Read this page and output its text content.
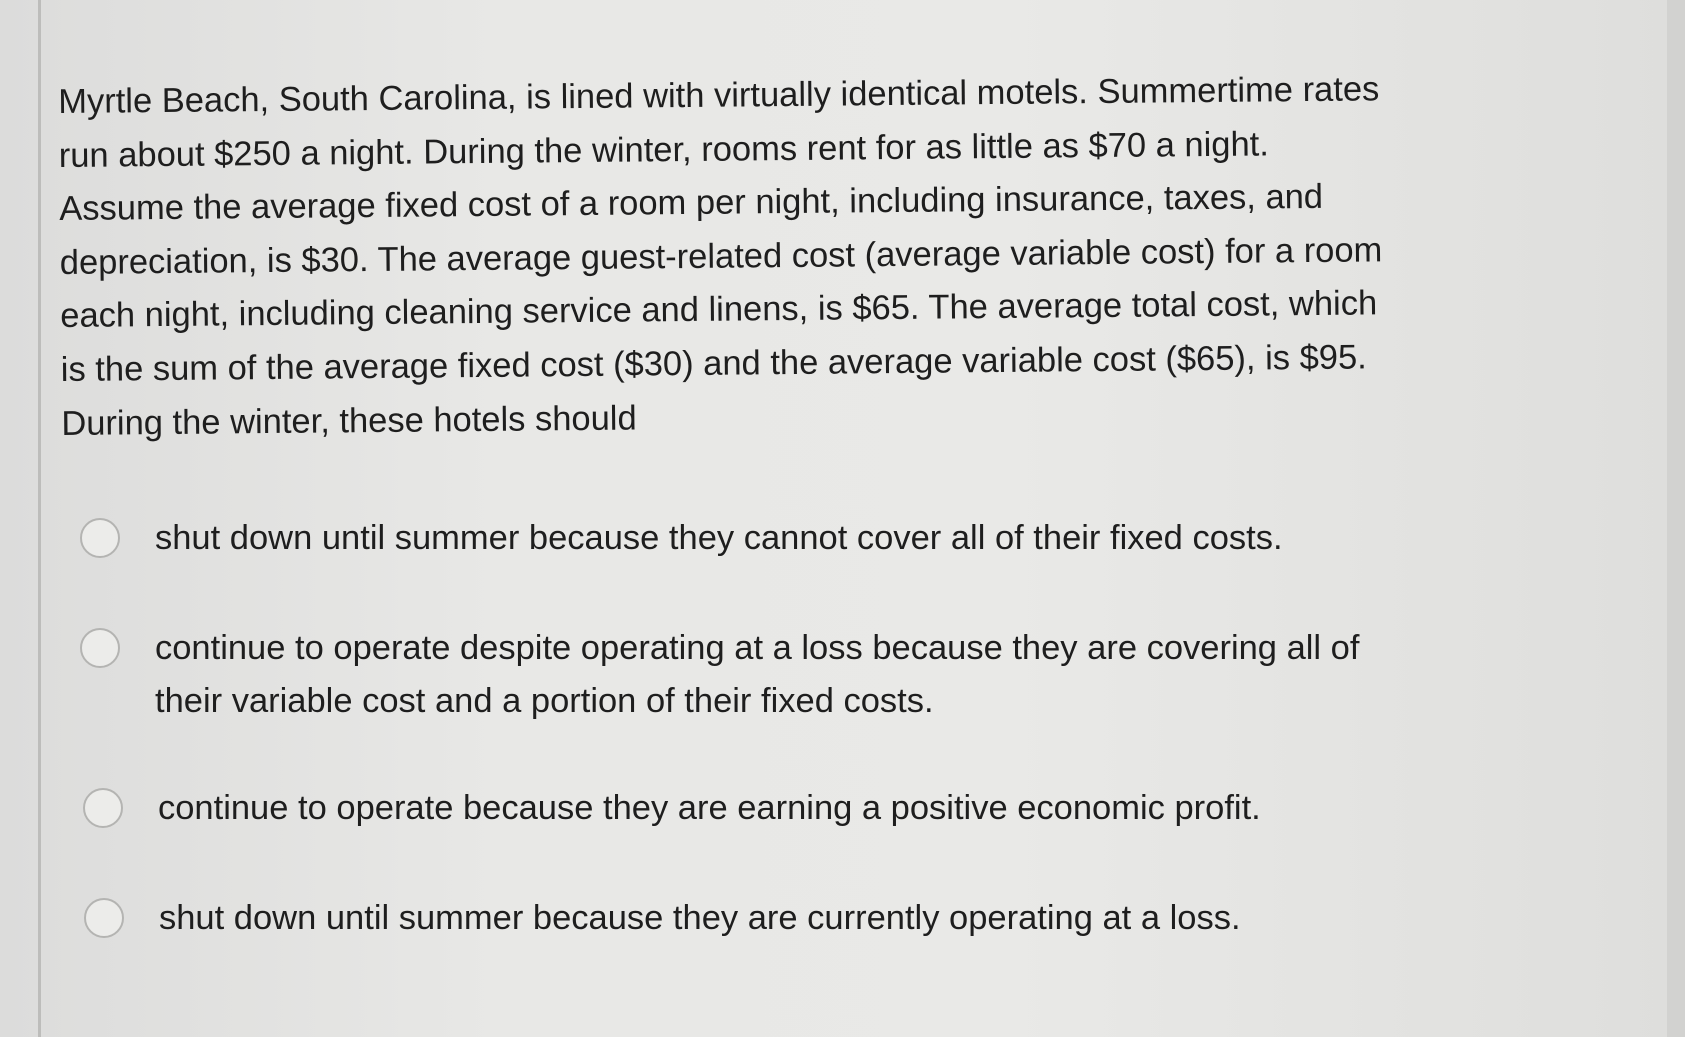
Myrtle Beach, South Carolina, is lined with virtually identical motels. Summertime rates

run about $250 a night. During the winter, rooms rent for as little as $70 a night.

Assume the average fixed cost of a room per night, including insurance, taxes, and

depreciation, is $30. The average guest-related cost (average variable cost) for a room

each night, including cleaning service and linens, is $65. The average total cost, which

is the sum of the average fixed cost ($30) and the average variable cost ($65), is $95.

During the winter, these hotels should

shut down until summer because they cannot cover all of their fixed costs.

continue to operate despite operating at a loss because they are covering all of

their variable cost and a portion of their fixed costs.

continue to operate because they are earning a positive economic profit.

shut down until summer because they are currently operating at a loss.
